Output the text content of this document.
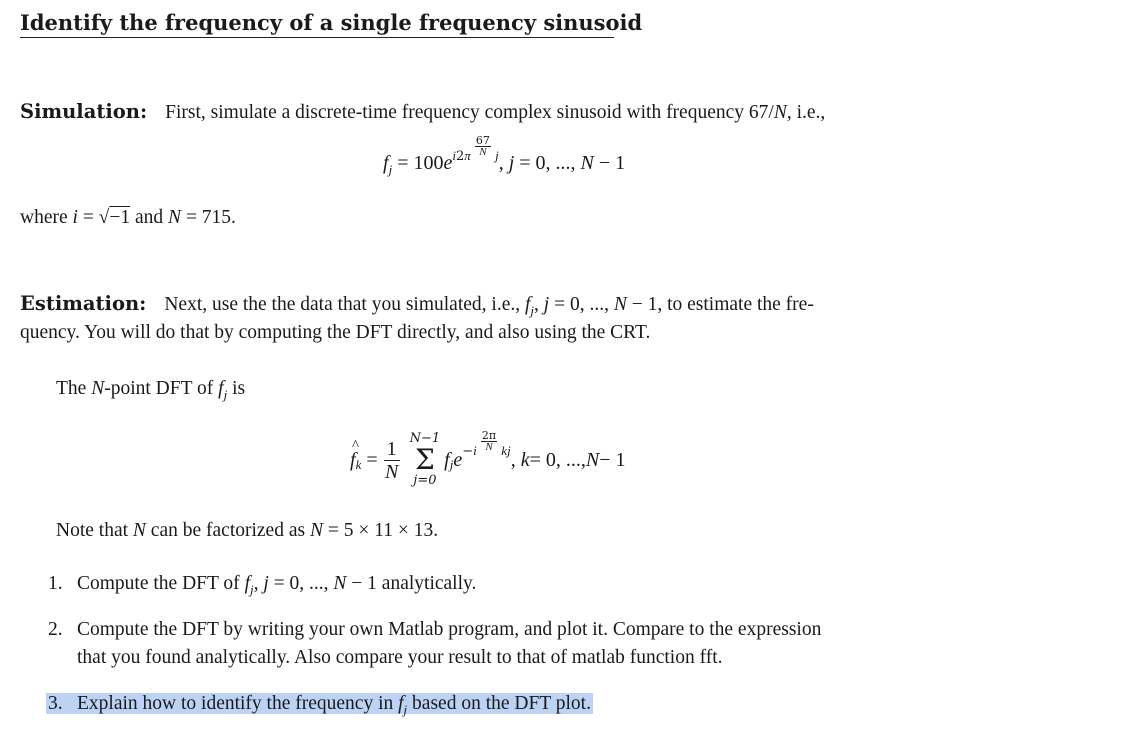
Identify the frequency of a single frequency sinusoid

Simulation: First, simulate a discrete-time frequency complex sinusoid with frequency 67/N, i.e.,

$f_j = 100e^{i2\pi \frac{67}{N} j}$, j = 0, ..., N − 1

where i = √−1 and N = 715.

Estimation: Next, use the the data that you simulated, i.e., $f_j$, j = 0, ..., N − 1, to estimate the fre-

quency. You will do that by computing the DFT directly, and also using the CRT.

The N-point DFT of $f_j$ is

^ f $k = \frac{1}{N} N-1$
Σ
j=0
f j $e -i \frac{2\pi}{N}$ kj , k = 0, ..., N − 1

Note that N can be factorized as N = 5 × 11 × 13.

1. Compute the DFT of $f_j$, j = 0, ..., N − 1 analytically.
2. Compute the DFT by writing your own Matlab program, and plot it. Compare to the expression
that you found analytically. Also compare your result to that of matlab function fft.
3. Explain how to identify the frequency in $f_j$ based on the DFT plot.
